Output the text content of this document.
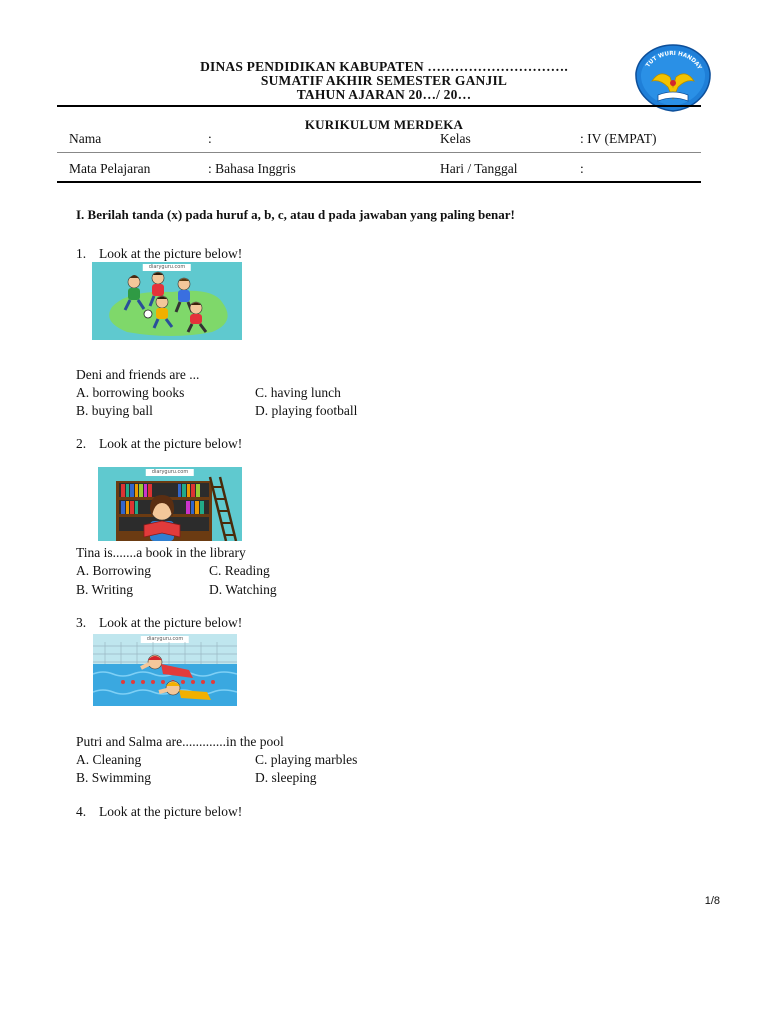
DINAS PENDIDIKAN KABUPATEN ………………………….
SUMATIF AKHIR SEMESTER GANJIL
TAHUN AJARAN 20…/ 20…
TUT WURI HANDAY
KURIKULUM MERDEKA
Nama	:	Kelas	: IV (EMPAT)
Mata Pelajaran	: Bahasa Inggris	Hari / Tanggal	:
I. Berilah tanda (x) pada huruf a, b, c, atau d pada jawaban yang paling benar!
1. Look at the picture below!
diaryguru.com
Deni and friends are ...
A. borrowing books	C. having lunch
B. buying ball	D. playing football
2. Look at the picture below!
diaryguru.com
Tina is.......a book in the library
A. Borrowing	C. Reading
B. Writing	D. Watching
3. Look at the picture below!
diaryguru.com
Putri and Salma are.............in the pool
A. Cleaning	C. playing marbles
B. Swimming	D. sleeping
4. Look at the picture below!
1/8
